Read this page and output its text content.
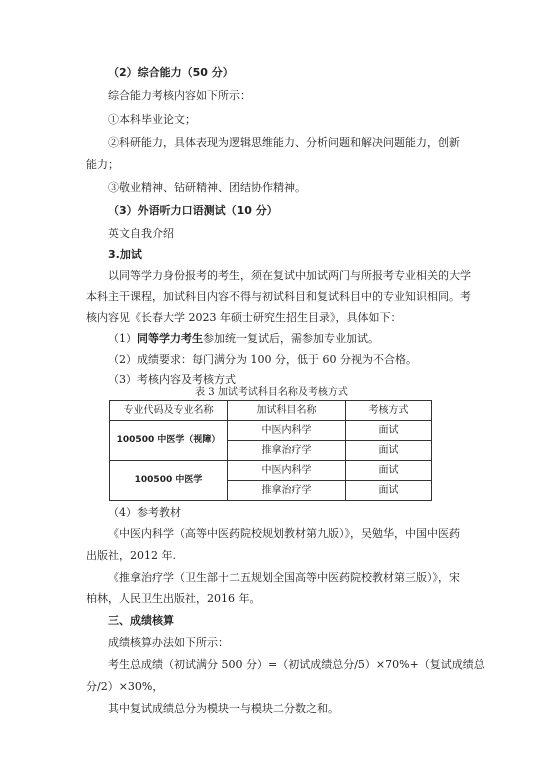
（2）综合能力（50 分）
综合能力考核内容如下所示：
①本科毕业论文；
②科研能力，具体表现为逻辑思维能力、分析问题和解决问题能力，创新
能力；
③敬业精神、钻研精神、团结协作精神。
（3）外语听力口语测试（10 分）
英文自我介绍
3.加试
以同等学力身份报考的考生，须在复试中加试两门与所报考专业相关的大学
本科主干课程，加试科目内容不得与初试科目和复试科目中的专业知识相同。考
核内容见《长春大学 2023 年硕士研究生招生目录》，具体如下：
（1）同等学力考生参加统一复试后，需参加专业加试。
（2）成绩要求：每门满分为 100 分，低于 60 分视为不合格。
（3）考核内容及考核方式
表 3 加试考试科目名称及考核方式
专业代码及专业名称	加试科目名称	考核方式
100500 中医学（视障）	中医内科学	面试
	推拿治疗学	面试
100500 中医学	中医内科学	面试
	推拿治疗学	面试
（4）参考教材
《中医内科学（高等中医药院校规划教材第九版）》，吴勉华，中国中医药
出版社，2012 年.
《推拿治疗学（卫生部十二五规划全国高等中医药院校教材第三版）》，宋
柏林，人民卫生出版社，2016 年。
三、成绩核算
成绩核算办法如下所示：
考生总成绩（初试满分 500 分）=（初试成绩总分/5）×70%+（复试成绩总
分/2）×30%，
其中复试成绩总分为模块一与模块二分数之和。
